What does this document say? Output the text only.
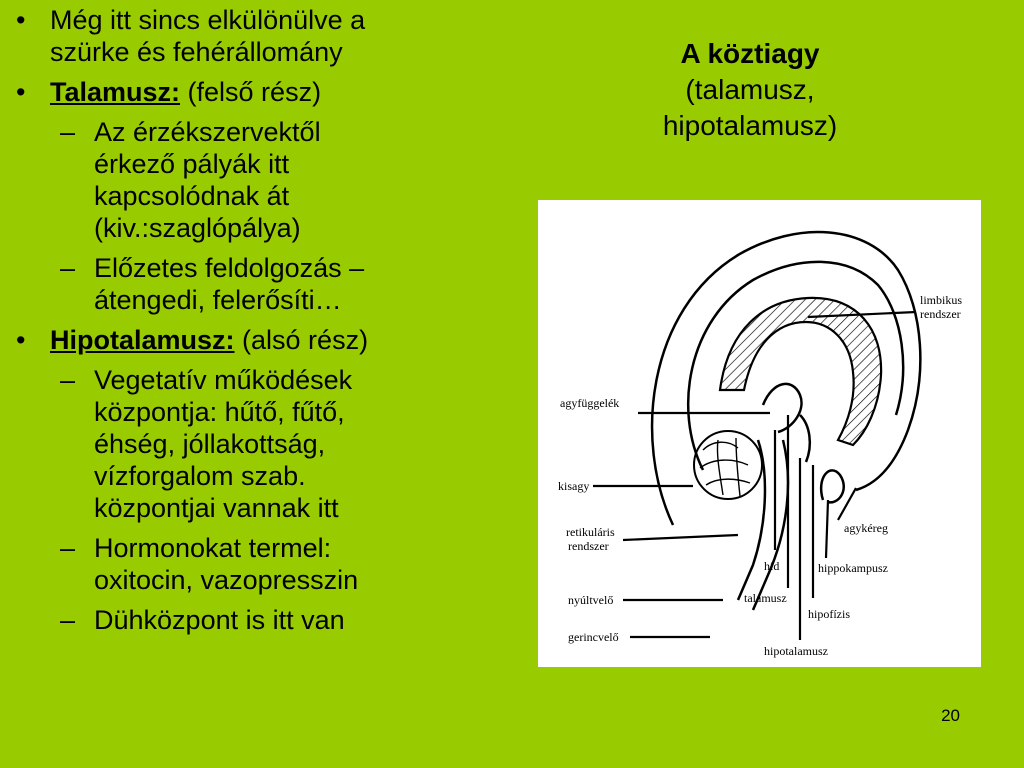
• Még itt sincs elkülönülve a
szürke és fehérállomány
• Talamusz: (felső rész)
– Az érzékszervektől
érkező pályák itt
kapcsolódnak át
(kiv.:szaglópálya)
– Előzetes feldolgozás –
átengedi, felerősíti…
• Hipotalamusz: (alsó rész)
– Vegetatív működések
központja: hűtő, fűtő,
éhség, jóllakottság,
vízforgalom szab.
központjai vannak itt
– Hormonokat termel:
oxitocin, vazopresszin
– Dühközpont is itt van
A köztiagy
(talamusz,
hipotalamusz)
limbikus
rendszer
agyfüggelék
kisagy
retikuláris
rendszer
agykéreg
híd	hippokampusz
nyúltvelő	talamusz
hipofízis
gerincvelő
hipotalamusz
20
